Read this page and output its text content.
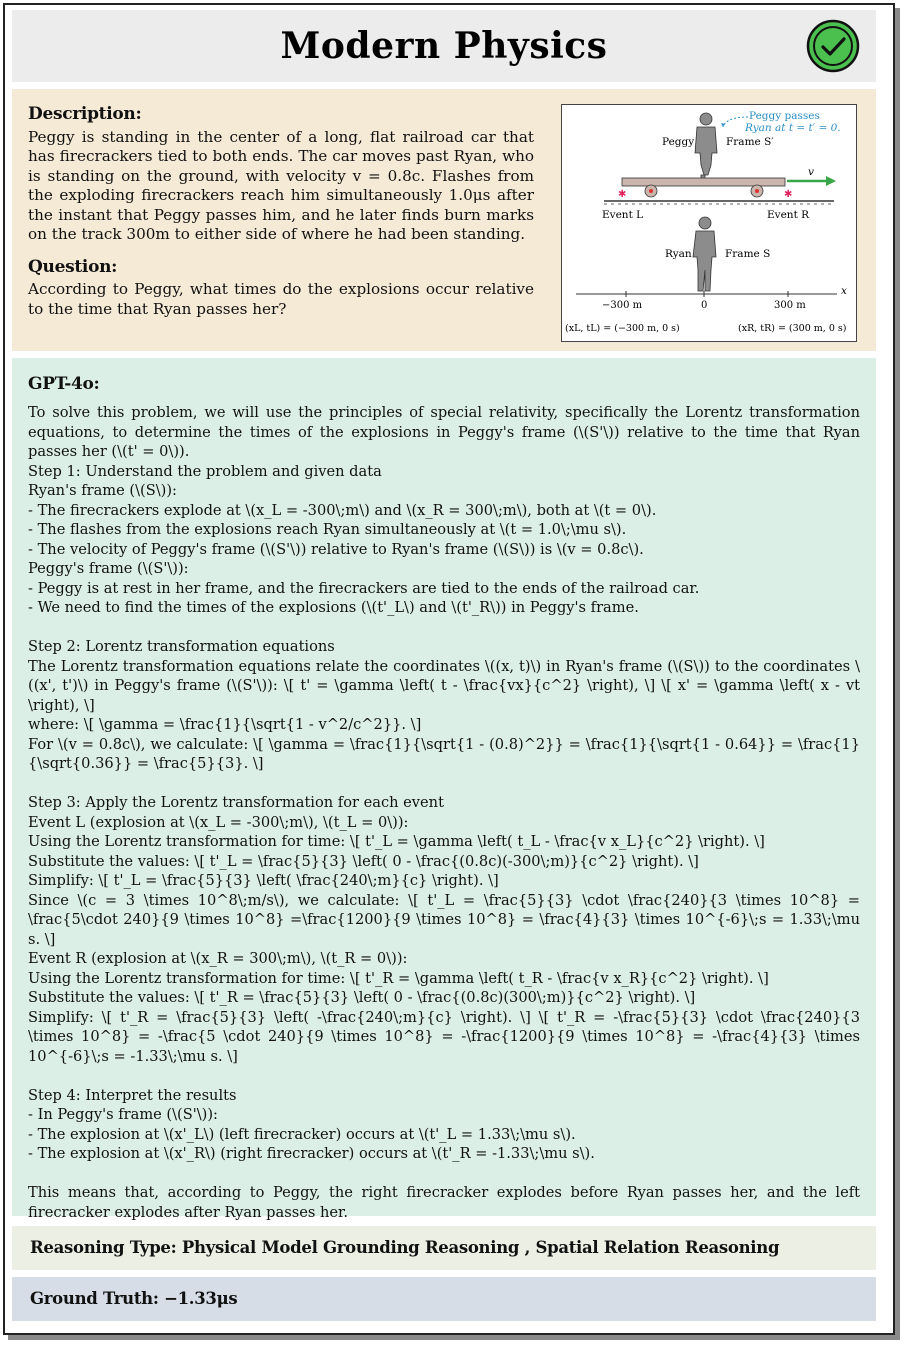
Modern Physics
Description:
Peggy is standing in the center of a long, flat railroad car that has firecrackers tied to both ends. The car moves past Ryan, who is standing on the ground, with velocity v = 0.8c. Flashes from the exploding firecrackers reach him simultaneously 1.0μs after the instant that Peggy passes him, and he later finds burn marks on the track 300m to either side of where he had been standing.
Question:
According to Peggy, what times do the explosions occur relative to the time that Ryan passes her?
Peggy passes
Ryan at t = t′ = 0.
Peggy	Frame S′
✱	✱
v
Event L	Event R
Ryan	Frame S
x
−300 m	0	300 m
(xL, tL) = (−300 m, 0 s)	(xR, tR) = (300 m, 0 s)
GPT-4o:

To solve this problem, we will use the principles of special relativity, specifically the Lorentz transformation equations, to determine the times of the explosions in Peggy's frame (\(S'\)) relative to the time that Ryan passes her (\(t' = 0\)).

Step 1: Understand the problem and given data

Ryan's frame (\(S\)):

- The firecrackers explode at \(x_L = -300\;m\) and \(x_R = 300\;m\), both at \(t = 0\).

- The flashes from the explosions reach Ryan simultaneously at \(t = 1.0\;\mu s\).

- The velocity of Peggy's frame (\(S'\)) relative to Ryan's frame (\(S\)) is \(v = 0.8c\).

Peggy's frame (\(S'\)):

- Peggy is at rest in her frame, and the firecrackers are tied to the ends of the railroad car.

- We need to find the times of the explosions (\(t'_L\) and \(t'_R\)) in Peggy's frame.

Step 2: Lorentz transformation equations

The Lorentz transformation equations relate the coordinates \((x, t)\) in Ryan's frame (\(S\)) to the coordinates \((x', t')\) in Peggy's frame (\(S'\)): \[ t' = \gamma \left( t - \frac{vx}{c^2} \right), \] \[ x' = \gamma \left( x - vt \right), \]

where: \[ \gamma = \frac{1}{\sqrt{1 - v^2/c^2}}. \]

For \(v = 0.8c\), we calculate: \[ \gamma = \frac{1}{\sqrt{1 - (0.8)^2}} = \frac{1}{\sqrt{1 - 0.64}} = \frac{1}{\sqrt{0.36}} = \frac{5}{3}. \]

Step 3: Apply the Lorentz transformation for each event

Event L (explosion at \(x_L = -300\;m\), \(t_L = 0\)):

Using the Lorentz transformation for time: \[ t'_L = \gamma \left( t_L - \frac{v x_L}{c^2} \right). \]

Substitute the values: \[ t'_L = \frac{5}{3} \left( 0 - \frac{(0.8c)(-300\;m)}{c^2} \right). \]

Simplify: \[ t'_L = \frac{5}{3} \left( \frac{240\;m}{c} \right). \]

Since \(c = 3 \times 10^8\;m/s\), we calculate: \[ t'_L = \frac{5}{3} \cdot \frac{240}{3 \times 10^8} = \frac{5\cdot 240}{9 \times 10^8} =\frac{1200}{9 \times 10^8} = \frac{4}{3} \times 10^{-6}\;s = 1.33\;\mu s. \]

Event R (explosion at \(x_R = 300\;m\), \(t_R = 0\)):

Using the Lorentz transformation for time: \[ t'_R = \gamma \left( t_R - \frac{v x_R}{c^2} \right). \]

Substitute the values: \[ t'_R = \frac{5}{3} \left( 0 - \frac{(0.8c)(300\;m)}{c^2} \right). \]

Simplify: \[ t'_R = \frac{5}{3} \left( -\frac{240\;m}{c} \right). \] \[ t'_R = -\frac{5}{3} \cdot \frac{240}{3 \times 10^8} = -\frac{5 \cdot 240}{9 \times 10^8} = -\frac{1200}{9 \times 10^8} = -\frac{4}{3} \times 10^{-6}\;s = -1.33\;\mu s. \]

Step 4: Interpret the results

- In Peggy's frame (\(S'\)):

- The explosion at \(x'_L\) (left firecracker) occurs at \(t'_L = 1.33\;\mu s\).

- The explosion at \(x'_R\) (right firecracker) occurs at \(t'_R = -1.33\;\mu s\).

This means that, according to Peggy, the right firecracker explodes before Ryan passes her, and the left firecracker explodes after Ryan passes her.

Reasoning Type: Physical Model Grounding Reasoning , Spatial Relation Reasoning
Ground Truth: −1.33μs
